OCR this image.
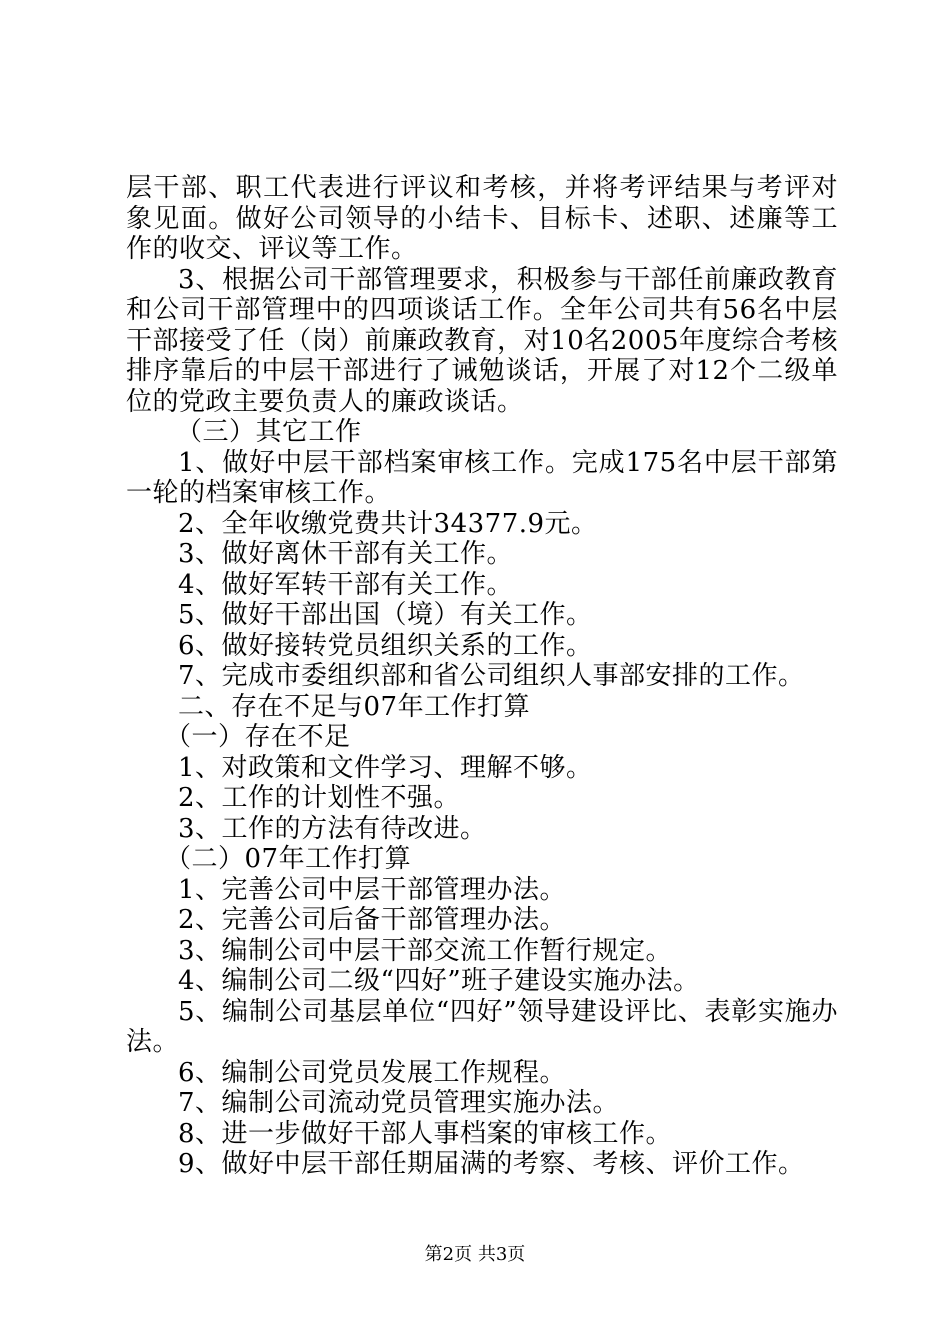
层干部、职工代表进行评议和考核，并将考评结果与考评对象见面。做好公司领导的小结卡、目标卡、述职、述廉等工作的收交、评议等工作。

3、根据公司干部管理要求，积极参与干部任前廉政教育和公司干部管理中的四项谈话工作。全年公司共有56名中层干部接受了任（岗）前廉政教育，对10名2005年度综合考核排序靠后的中层干部进行了诫勉谈话，开展了对12个二级单位的党政主要负责人的廉政谈话。

（三）其它工作

1、做好中层干部档案审核工作。完成175名中层干部第一轮的档案审核工作。

2、全年收缴党费共计34377.9元。

3、做好离休干部有关工作。

4、做好军转干部有关工作。

5、做好干部出国（境）有关工作。

6、做好接转党员组织关系的工作。

7、完成市委组织部和省公司组织人事部安排的工作。

二、存在不足与07年工作打算

（一）存在不足

1、对政策和文件学习、理解不够。

2、工作的计划性不强。

3、工作的方法有待改进。

（二）07年工作打算

1、完善公司中层干部管理办法。

2、完善公司后备干部管理办法。

3、编制公司中层干部交流工作暂行规定。

4、编制公司二级“四好”班子建设实施办法。

5、编制公司基层单位“四好”领导建设评比、表彰实施办法。

6、编制公司党员发展工作规程。

7、编制公司流动党员管理实施办法。

8、进一步做好干部人事档案的审核工作。

9、做好中层干部任期届满的考察、考核、评价工作。

第2页 共3页
